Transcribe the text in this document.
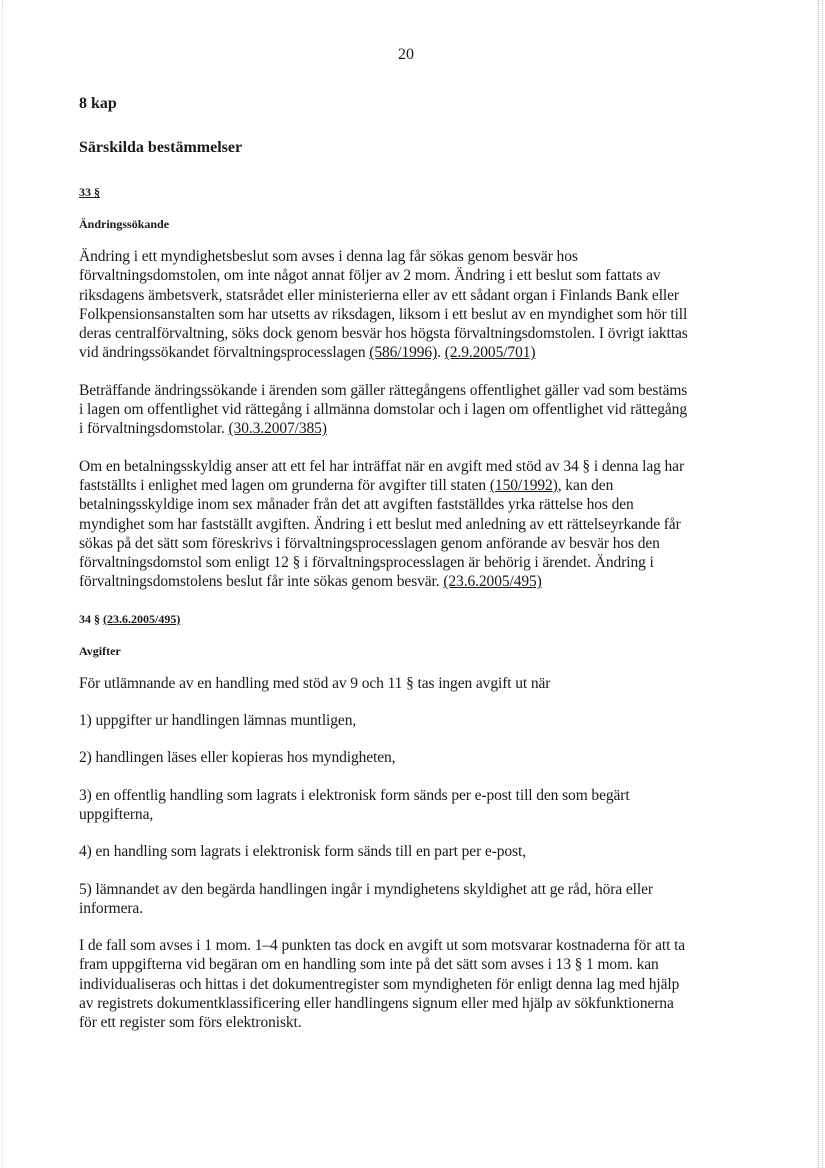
20

8 kap

Särskilda bestämmelser

33 §

Ändringssökande

Ändring i ett myndighetsbeslut som avses i denna lag får sökas genom besvär hos

förvaltningsdomstolen, om inte något annat följer av 2 mom. Ändring i ett beslut som fattats av

riksdagens ämbetsverk, statsrådet eller ministerierna eller av ett sådant organ i Finlands Bank eller

Folkpensionsanstalten som har utsetts av riksdagen, liksom i ett beslut av en myndighet som hör till

deras centralförvaltning, söks dock genom besvär hos högsta förvaltningsdomstolen. I övrigt iakttas

vid ändringssökandet förvaltningsprocesslagen (586/1996). (2.9.2005/701)

Beträffande ändringssökande i ärenden som gäller rättegångens offentlighet gäller vad som bestäms

i lagen om offentlighet vid rättegång i allmänna domstolar och i lagen om offentlighet vid rättegång

i förvaltningsdomstolar. (30.3.2007/385)

Om en betalningsskyldig anser att ett fel har inträffat när en avgift med stöd av 34 § i denna lag har

fastställts i enlighet med lagen om grunderna för avgifter till staten (150/1992), kan den

betalningsskyldige inom sex månader från det att avgiften fastställdes yrka rättelse hos den

myndighet som har fastställt avgiften. Ändring i ett beslut med anledning av ett rättelseyrkande får

sökas på det sätt som föreskrivs i förvaltningsprocesslagen genom anförande av besvär hos den

förvaltningsdomstol som enligt 12 § i förvaltningsprocesslagen är behörig i ärendet. Ändring i

förvaltningsdomstolens beslut får inte sökas genom besvär. (23.6.2005/495)

34 § (23.6.2005/495)

Avgifter

För utlämnande av en handling med stöd av 9 och 11 § tas ingen avgift ut när

1) uppgifter ur handlingen lämnas muntligen,

2) handlingen läses eller kopieras hos myndigheten,

3) en offentlig handling som lagrats i elektronisk form sänds per e-post till den som begärt

uppgifterna,

4) en handling som lagrats i elektronisk form sänds till en part per e-post,

5) lämnandet av den begärda handlingen ingår i myndighetens skyldighet att ge råd, höra eller

informera.

I de fall som avses i 1 mom. 1–4 punkten tas dock en avgift ut som motsvarar kostnaderna för att ta

fram uppgifterna vid begäran om en handling som inte på det sätt som avses i 13 § 1 mom. kan

individualiseras och hittas i det dokumentregister som myndigheten för enligt denna lag med hjälp

av registrets dokumentklassificering eller handlingens signum eller med hjälp av sökfunktionerna

för ett register som förs elektroniskt.
